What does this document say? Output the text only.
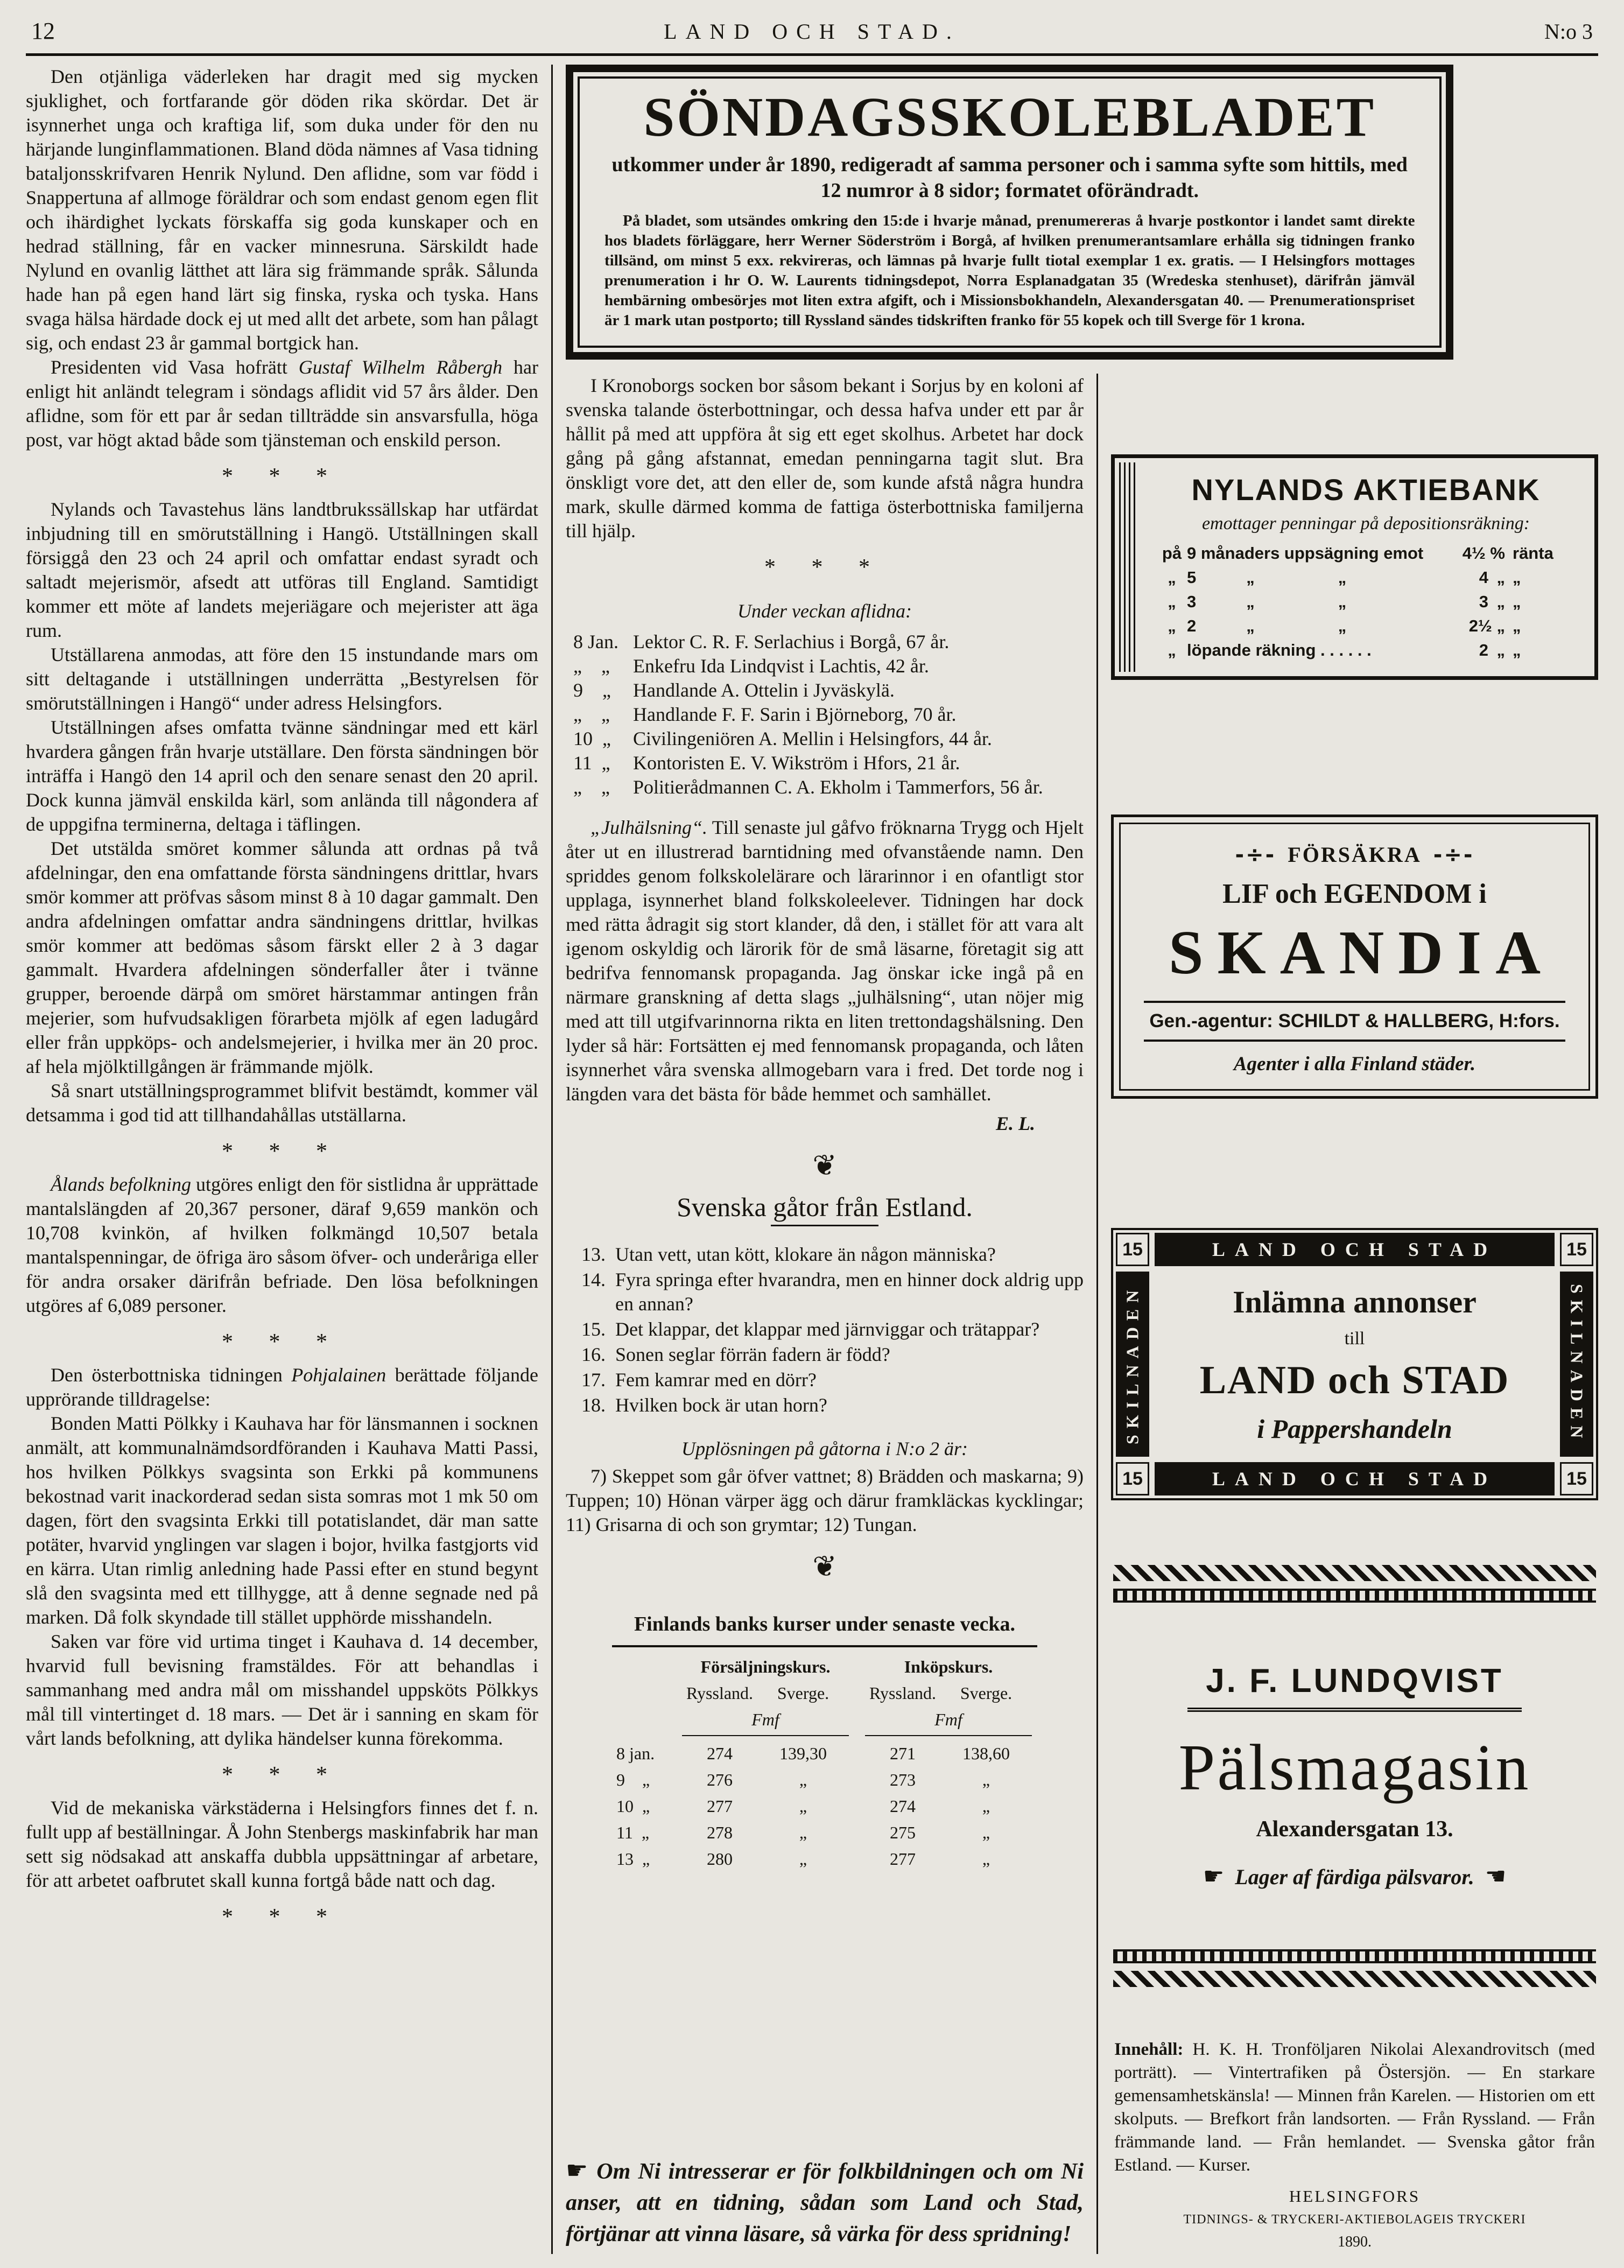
12	LAND OCH STAD.	N:o 3

Den otjänliga väderleken har dragit med sig mycken sjuklighet, och fortfarande gör döden rika skördar. Det är isynnerhet unga och kraftiga lif, som duka under för den nu härjande lunginflammationen. Bland döda nämnes af Vasa tidning bataljonsskrifvaren Henrik Nylund. Den aflidne, som var född i Snappertuna af allmoge föräldrar och som endast genom egen flit och ihärdighet lyckats förskaffa sig goda kunskaper och en hedrad ställning, får en vacker minnesruna. Särskildt hade Nylund en ovanlig lätthet att lära sig främmande språk. Sålunda hade han på egen hand lärt sig finska, ryska och tyska. Hans svaga hälsa härdade dock ej ut med allt det arbete, som han pålagt sig, och endast 23 år gammal bortgick han.

Presidenten vid Vasa hofrätt Gustaf Wilhelm Råbergh har enligt hit anländt telegram i söndags aflidit vid 57 års ålder. Den aflidne, som för ett par år sedan tillträdde sin ansvarsfulla, höga post, var högt aktad både som tjänsteman och enskild person.

* * *

Nylands och Tavastehus läns landtbrukssällskap har utfärdat inbjudning till en smörutställning i Hangö. Utställningen skall försiggå den 23 och 24 april och omfattar endast syradt och saltadt mejerismör, afsedt att utföras till England. Samtidigt kommer ett möte af landets mejeriägare och mejerister att äga rum.

Utställarena anmodas, att före den 15 instundande mars om sitt deltagande i utställningen underrätta „Bestyrelsen för smörutställningen i Hangö“ under adress Helsingfors.

Utställningen afses omfatta tvänne sändningar med ett kärl hvardera gången från hvarje utställare. Den första sändningen bör inträffa i Hangö den 14 april och den senare senast den 20 april. Dock kunna jämväl enskilda kärl, som anlända till någondera af de uppgifna terminerna, deltaga i täflingen.

Det utstälda smöret kommer sålunda att ordnas på två afdelningar, den ena omfattande första sändningens drittlar, hvars smör kommer att pröfvas såsom minst 8 à 10 dagar gammalt. Den andra afdelningen omfattar andra sändningens drittlar, hvilkas smör kommer att bedömas såsom färskt eller 2 à 3 dagar gammalt. Hvardera afdelningen sönderfaller åter i tvänne grupper, beroende därpå om smöret härstammar antingen från mejerier, som hufvudsakligen förarbeta mjölk af egen ladugård eller från uppköps- och andelsmejerier, i hvilka mer än 20 proc. af hela mjölktillgången är främmande mjölk.

Så snart utställningsprogrammet blifvit bestämdt, kommer väl detsamma i god tid att tillhandahållas utställarna.

* * *

Ålands befolkning utgöres enligt den för sistlidna år upprättade mantalslängden af 20,367 personer, däraf 9,659 mankön och 10,708 kvinkön, af hvilken folkmängd 10,507 betala mantalspenningar, de öfriga äro såsom öfver- och underåriga eller för andra orsaker därifrån befriade. Den lösa befolkningen utgöres af 6,089 personer.

* * *

Den österbottniska tidningen Pohjalainen berättade följande upprörande tilldragelse:

Bonden Matti Pölkky i Kauhava har för länsmannen i socknen anmält, att kommunalnämdsordföranden i Kauhava Matti Passi, hos hvilken Pölkkys svagsinta son Erkki på kommunens bekostnad varit inackorderad sedan sista somras mot 1 mk 50 om dagen, fört den svagsinta Erkki till potatislandet, där man satte potäter, hvarvid ynglingen var slagen i bojor, hvilka fastgjorts vid en kärra. Utan rimlig anledning hade Passi efter en stund begynt slå den svagsinta med ett tillhygge, att å denne segnade ned på marken. Då folk skyndade till stället upphörde misshandeln.

Saken var före vid urtima tinget i Kauhava d. 14 december, hvarvid full bevisning framstäldes. För att behandlas i sammanhang med andra mål om misshandel uppsköts Pölkkys mål till vintertinget d. 18 mars. — Det är i sanning en skam för vårt lands befolkning, att dylika händelser kunna förekomma.

* * *

Vid de mekaniska värkstäderna i Helsingfors finnes det f. n. fullt upp af beställningar. Å John Stenbergs maskinfabrik har man sett sig nödsakad att anskaffa dubbla uppsättningar af arbetare, för att arbetet oafbrutet skall kunna fortgå både natt och dag.

* * *
SÖNDAGSSKOLEBLADET
utkommer under år 1890, redigeradt af samma personer och i samma syfte som hittils, med 12 numror à 8 sidor; formatet oförändradt.
På bladet, som utsändes omkring den 15:de i hvarje månad, prenumereras å hvarje postkontor i landet samt direkte hos bladets förläggare, herr Werner Söderström i Borgå, af hvilken prenumerantsamlare erhålla sig tidningen franko tillsänd, om minst 5 exx. rekvireras, och lämnas på hvarje fullt tiotal exemplar 1 ex. gratis. — I Helsingfors mottages prenumeration i hr O. W. Laurents tidningsdepot, Norra Esplanadgatan 35 (Wredeska stenhuset), därifrån jämväl hembärning ombesörjes mot liten extra afgift, och i Missionsbokhandeln, Alexandersgatan 40. — Prenumerationspriset är 1 mark utan postporto; till Ryssland sändes tidskriften franko för 55 kopek och till Sverge för 1 krona.

I Kronoborgs socken bor såsom bekant i Sorjus by en koloni af svenska talande österbottningar, och dessa hafva under ett par år hållit på med att uppföra åt sig ett eget skolhus. Arbetet har dock gång på gång afstannat, emedan penningarna tagit slut. Bra önskligt vore det, att den eller de, som kunde afstå några hundra mark, skulle därmed komma de fattiga österbottniska familjerna till hjälp.

* * *
Under veckan aflidna:
8 Jan. Lektor C. R. F. Serlachius i Borgå, 67 år.
„  „	Enkefru Ida Lindqvist i Lachtis, 42 år.
9  „	Handlande A. Ottelin i Jyväskylä.
„  „	Handlande F. F. Sarin i Björneborg, 70 år.
10 „	Civilingeniören A. Mellin i Helsingfors, 44 år.
11 „	Kontoristen E. V. Wikström i Hfors, 21 år.
„  „	Politierådmannen C. A. Ekholm i Tammerfors, 56 år.

„Julhälsning“. Till senaste jul gåfvo fröknarna Trygg och Hjelt åter ut en illustrerad barntidning med ofvanstående namn. Den spriddes genom folkskolelärare och lärarinnor i en ofantligt stor upplaga, isynnerhet bland folkskoleelever. Tidningen har dock med rätta ådragit sig stort klander, då den, i stället för att vara alt igenom oskyldig och lärorik för de små läsarne, företagit sig att bedrifva fennomansk propaganda. Jag önskar icke ingå på en närmare granskning af detta slags „julhälsning“, utan nöjer mig med att till utgifvarinnorna rikta en liten trettondagshälsning. Den lyder så här: Fortsätten ej med fennomansk propaganda, och låten isynnerhet våra svenska allmogebarn vara i fred. Det torde nog i längden vara det bästa för både hemmet och samhället.

E. L.
❦
Svenska gåtor från Estland.
13. Utan vett, utan kött, klokare än någon människa?
14. Fyra springa efter hvarandra, men en hinner dock aldrig upp en annan?
15. Det klappar, det klappar med järnviggar och trätappar?
16. Sonen seglar förrän fadern är född?
17. Fem kamrar med en dörr?
18. Hvilken bock är utan horn?
Upplösningen på gåtorna i N:o 2 är:

7) Skeppet som går öfver vattnet; 8) Brädden och maskarna; 9) Tuppen; 10) Hönan värper ägg och därur framkläckas kycklingar; 11) Grisarna di och son grymtar; 12) Tungan.

❦
Finlands banks kurser under senaste vecka.
Försäljningskurs.	Inköpskurs.
Ryssland.	Sverge.	Ryssland.	Sverge.
Fmf	Fmf
8 jan.	274	139,30	271	138,60
9  „	276	„	273	„
10 „	277	„	274	„
11 „	278	„	275	„
13 „	280	„	277	„
☛ Om Ni intresserar er för folkbildningen och om Ni anser, att en tidning, sådan som Land och Stad, förtjänar att vinna läsare, så värka för dess spridning!
NYLANDS AKTIEBANK
emottager penningar på depositionsräkning:
på 9 månaders uppsägning emot	4½ % ränta
„ 5   „     „	4 „ „
„ 3   „     „	3 „ „
„ 2   „     „	2½ „ „
„ löpande räkning . . . . . .	2 „ „
-÷- FÖRSÄKRA -÷-
LIF och EGENDOM i
SKANDIA
Gen.-agentur: SCHILDT & HALLBERG, H:fors.
Agenter i alla Finland städer.
15	LAND OCH STAD	15
SKILNADEN	Inlämna annonser
till
LAND och STAD
i Pappershandeln	SKILNADEN
15	LAND OCH STAD	15
J. F. LUNDQVIST
Pälsmagasin
Alexandersgatan 13.
☛ Lager af färdiga pälsvaror. ☚
Innehåll: H. K. H. Tronföljaren Nikolai Alexandrovitsch (med porträtt). — Vintertrafiken på Östersjön. — En starkare gemensamhetskänsla! — Minnen från Karelen. — Historien om ett skolputs. — Brefkort från landsorten. — Från Ryssland. — Från främmande land. — Från hemlandet. — Svenska gåtor från Estland. — Kurser.
HELSINGFORS
TIDNINGS- & TRYCKERI-AKTIEBOLAGEIS TRYCKERI
1890.
